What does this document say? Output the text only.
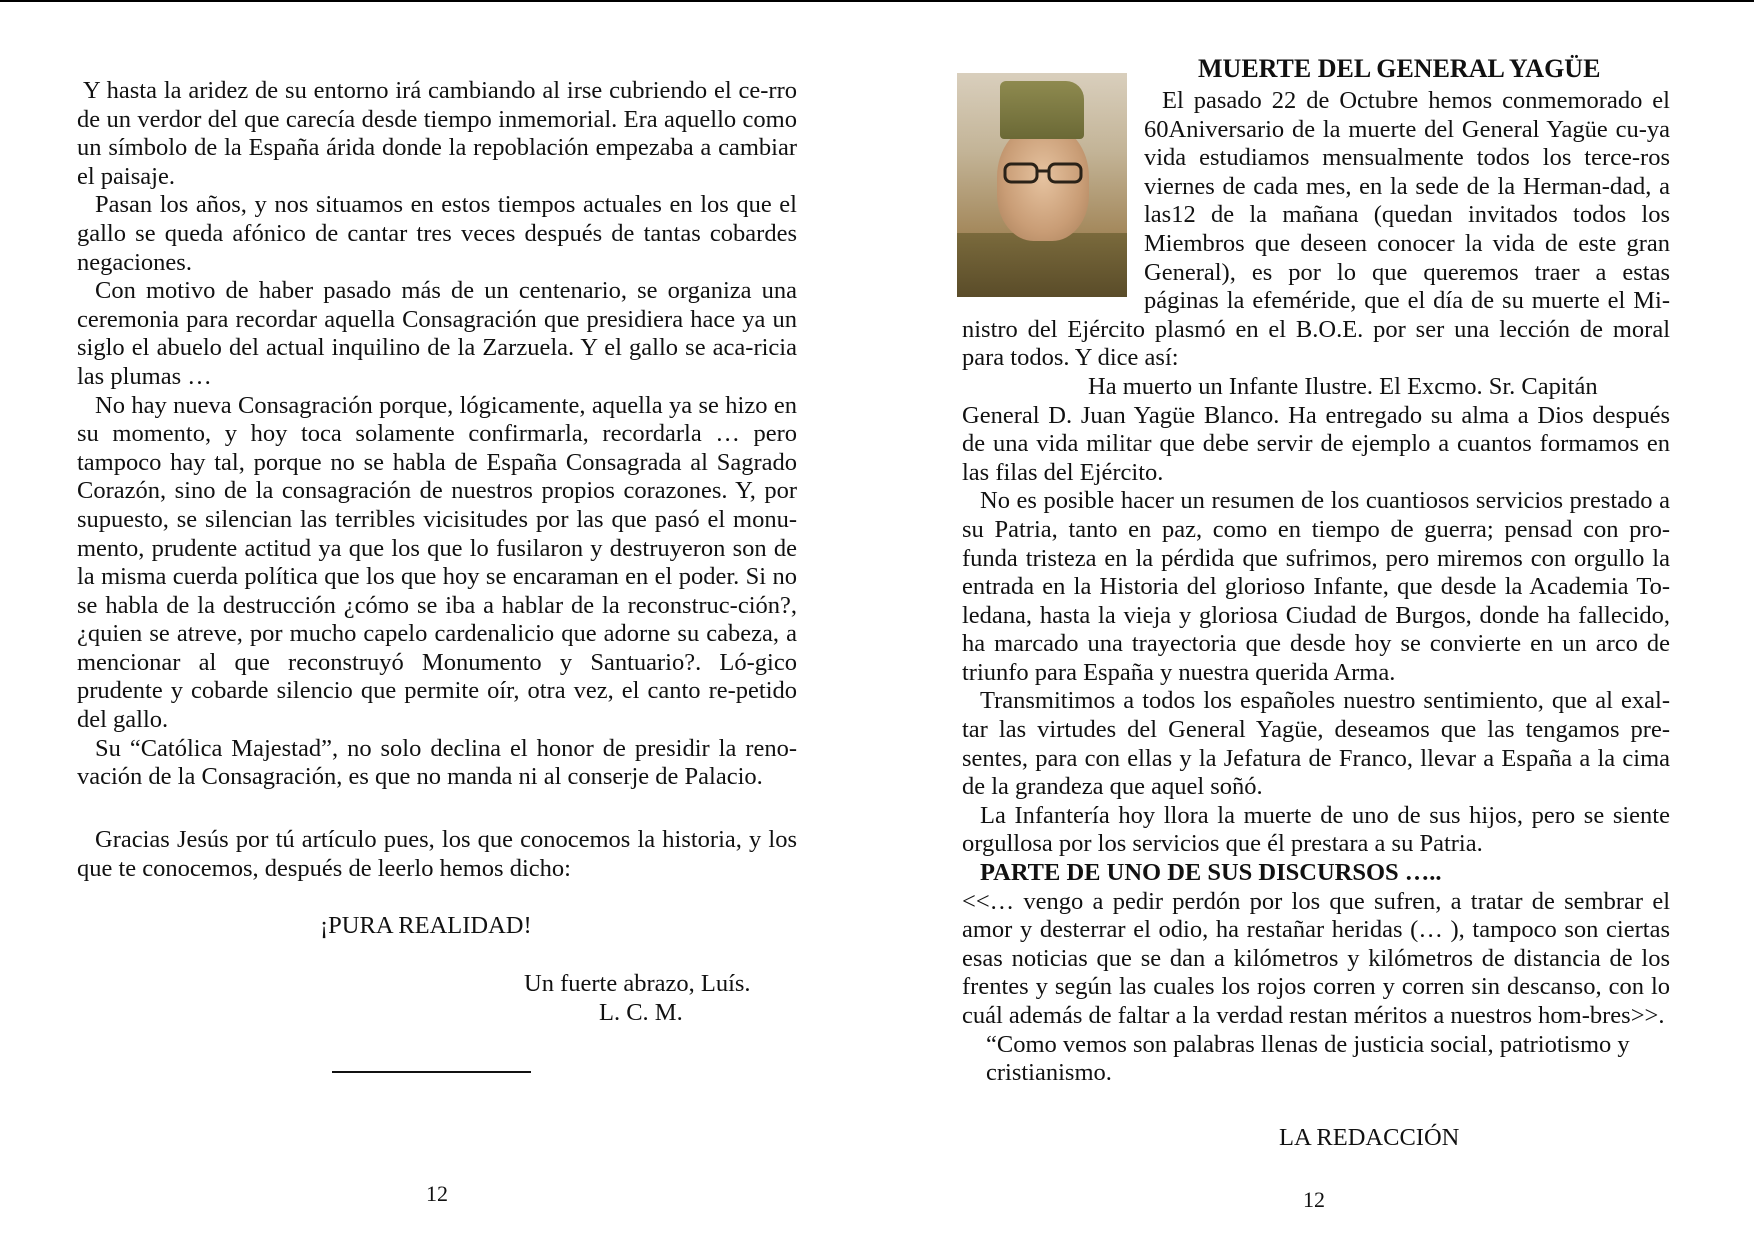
Y hasta la aridez de su entorno irá cambiando al irse cubriendo el ce-rro de un verdor del que carecía desde tiempo inmemorial. Era aquello como un símbolo de la España árida donde la repoblación empezaba a cambiar el paisaje.

Pasan los años, y nos situamos en estos tiempos actuales en los que el gallo se queda afónico de cantar tres veces después de tantas cobardes negaciones.

Con motivo de haber pasado más de un centenario, se organiza una ceremonia para recordar aquella Consagración que presidiera hace ya un siglo el abuelo del actual inquilino de la Zarzuela. Y el gallo se aca-ricia las plumas …

No hay nueva Consagración porque, lógicamente, aquella ya se hizo en su momento, y hoy toca solamente confirmarla, recordarla … pero tampoco hay tal, porque no se habla de España Consagrada al Sagrado Corazón, sino de la consagración de nuestros propios corazones. Y, por supuesto, se silencian las terribles vicisitudes por las que pasó el monu-mento, prudente actitud ya que los que lo fusilaron y destruyeron son de la misma cuerda política que los que hoy se encaraman en el poder. Si no se habla de la destrucción ¿cómo se iba a hablar de la reconstruc-ción?, ¿quien se atreve, por mucho capelo cardenalicio que adorne su cabeza, a mencionar al que reconstruyó Monumento y Santuario?. Ló-gico prudente y cobarde silencio que permite oír, otra vez, el canto re-petido del gallo.

Su “Católica Majestad”, no solo declina el honor de presidir la reno-vación de la Consagración, es que no manda ni al conserje de Palacio.

Gracias Jesús por tú artículo pues, los que conocemos la historia, y los que te conocemos, después de leerlo hemos dicho:

¡PURA REALIDAD!
Un fuerte abrazo, Luís.
L. C. M.
12
MUERTE DEL GENERAL YAGÜE

El pasado 22 de Octubre hemos conmemorado el 60Aniversario de la muerte del General Yagüe cu-ya vida estudiamos mensualmente todos los terce-ros viernes de cada mes, en la sede de la Herman-dad, a las12 de la mañana (quedan invitados todos los Miembros que deseen conocer la vida de este gran General), es por lo que queremos traer a estas páginas la efeméride, que el día de su muerte el Mi-nistro del Ejército plasmó en el B.O.E. por ser una lección de moral para todos. Y dice así:

Ha muerto un Infante Ilustre. El Excmo. Sr. Capitán

General D. Juan Yagüe Blanco. Ha entregado su alma a Dios después de una vida militar que debe servir de ejemplo a cuantos formamos en las filas del Ejército.

No es posible hacer un resumen de los cuantiosos servicios prestado a su Patria, tanto en paz, como en tiempo de guerra; pensad con pro-funda tristeza en la pérdida que sufrimos, pero miremos con orgullo la entrada en la Historia del glorioso Infante, que desde la Academia To-ledana, hasta la vieja y gloriosa Ciudad de Burgos, donde ha fallecido, ha marcado una trayectoria que desde hoy se convierte en un arco de triunfo para España y nuestra querida Arma.

Transmitimos a todos los españoles nuestro sentimiento, que al exal-tar las virtudes del General Yagüe, deseamos que las tengamos pre-sentes, para con ellas y la Jefatura de Franco, llevar a España a la cima de la grandeza que aquel soñó.

La Infantería hoy llora la muerte de uno de sus hijos, pero se siente orgullosa por los servicios que él prestara a su Patria.

PARTE DE UNO DE SUS DISCURSOS …..

<<… vengo a pedir perdón por los que sufren, a tratar de sembrar el amor y desterrar el odio, ha restañar heridas (… ), tampoco son ciertas esas noticias que se dan a kilómetros y kilómetros de distancia de los frentes y según las cuales los rojos corren y corren sin descanso, con lo cuál además de faltar a la verdad restan méritos a nuestros hom-bres>>.

“Como vemos son palabras llenas de justicia social, patriotismo y cristianismo.

LA REDACCIÓN
12
